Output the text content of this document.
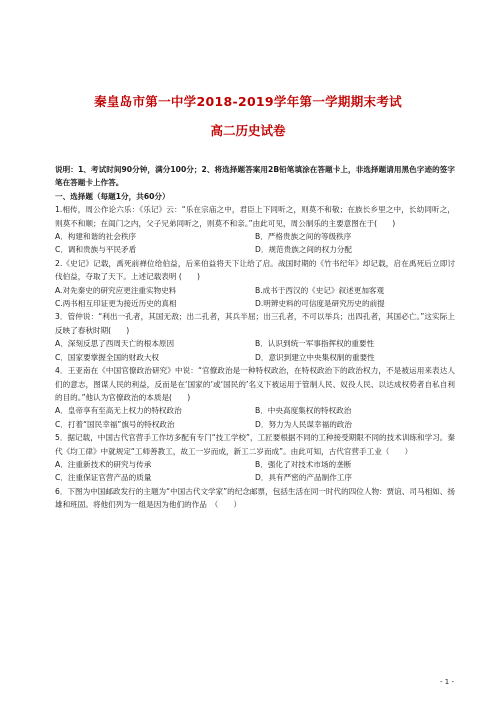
秦皇岛市第一中学2018-2019学年第一学期期末考试
高二历史试卷

说明：1、考试时间90分钟，满分100分；2、将选择题答案用2B铅笔填涂在答题卡上，非选择题请用黑色字迹的签字笔在答题卡上作答。

一、选择题（每题1分，共60分）

1.相传，周公作论六乐：《乐记》云：“乐在宗庙之中，君臣上下同听之，则莫不和敬；在族长乡里之中，长幼同听之，则莫不和顺；在闺门之内，父子兄弟同听之，则莫不和亲。”由此可见，周公制乐的主要意图在于(　　)

A．构建和谐的社会秩序	B．严格贵族之间的等级秩序
C．调和贵族与平民矛盾	D．规范贵族之间的权力分配

2.《史记》记载，禹死前禅位给伯益，后来伯益将天下让给了启。战国时期的《竹书纪年》却记载，启在禹死后立即讨伐伯益，夺取了天下。上述记载表明 (　　)

A.对先秦史的研究应更注重实物史料	B.成书于西汉的《史记》叙述更加客观
C.两书相互印证更为接近历史的真相	D.明辨史料的可信度是研究历史的前提

3．管仲说：“利出一孔者，其国无敌；出二孔者，其兵半屈；出三孔者，不可以举兵；出四孔者，其国必亡。”这实际上反映了春秋时期(　　)

A．深刻反思了西周天亡的根本原因	B．认识到统一军事指挥权的重要性
C．国家要掌握全国的财政大权	D．意识到建立中央集权制的重要性

4．王亚南在《中国官僚政治研究》中说：“官僚政治是一种特权政治，在特权政治下的政治权力，不是被运用来表达人们的意志，图谋人民的利益，反而是在‘国家的’或‘国民的’名义下被运用于管制人民、奴役人民、以达成权势者自私自利的目的。”他认为官僚政治的本质是(　　)

A．皇帝享有至高无上权力的特权政治	B．中央高度集权的特权政治
C．打着“国民幸福”旗号的特权政治	D．努力为人民谋幸福的政治

5．据记载，中国古代官营手工作坊多配有专门“技工学校”，工匠要根据不同的工种接受期限不同的技术训练和学习。秦代《均工律》中就规定“工师善教工，故工一岁而成，新工二岁而成”。由此可知，古代官营手工业（　　）

A．注重新技术的研究与传承	B．强化了对技术市场的垄断
C．注重保证官营产品的质量	D．具有严密的产品制作工序

6．下图为中国邮政发行的主题为“中国古代文学家”的纪念邮票，包括生活在同一时代的四位人物：贾谊、司马相如、扬雄和班固。将他们列为一组是因为他们的作品　（　　）

- 1 -
